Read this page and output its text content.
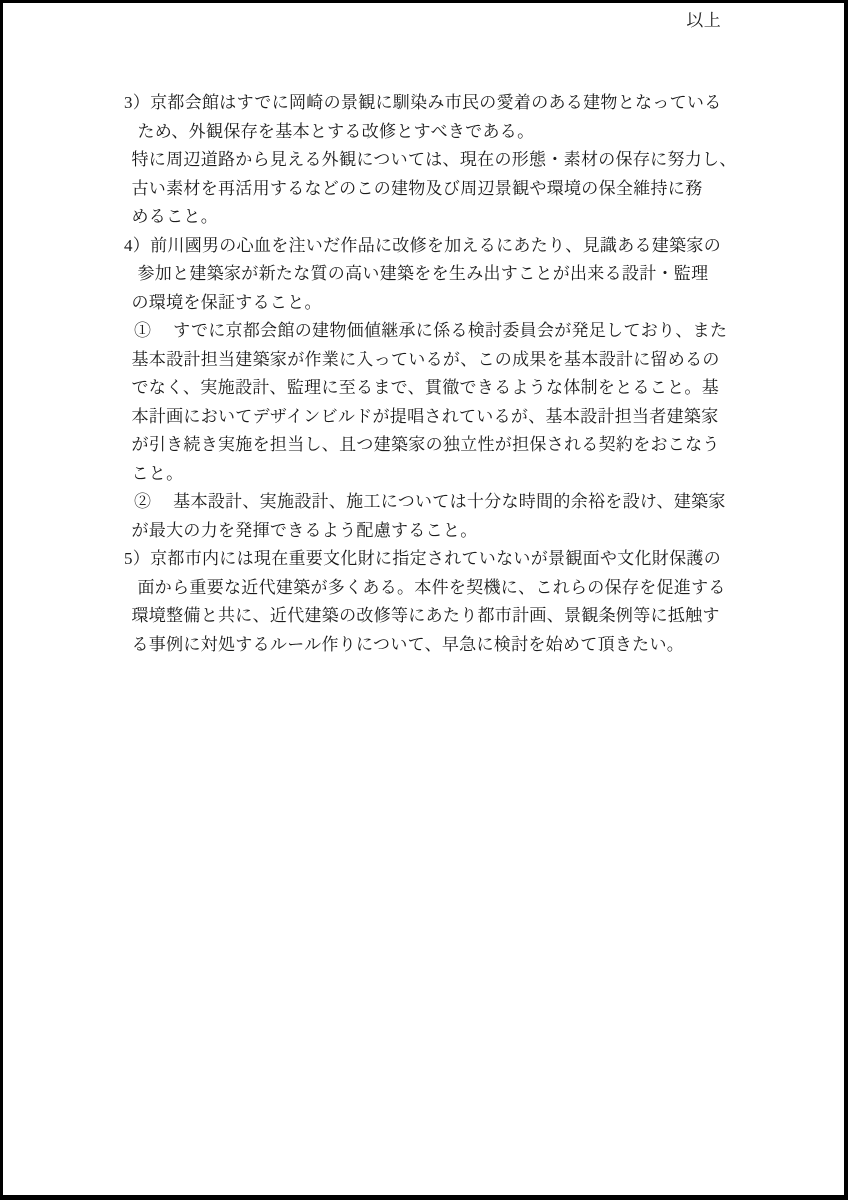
3）京都会館はすでに岡崎の景観に馴染み市民の愛着のある建物となっている
ため、外観保存を基本とする改修とすべきである。
特に周辺道路から見える外観については、現在の形態・素材の保存に努力し、
古い素材を再活用するなどのこの建物及び周辺景観や環境の保全維持に務
めること。
4）前川國男の心血を注いだ作品に改修を加えるにあたり、見識ある建築家の
参加と建築家が新たな質の高い建築をを生み出すことが出来る設計・監理
の環境を保証すること。
①　 すでに京都会館の建物価値継承に係る検討委員会が発足しており、また
基本設計担当建築家が作業に入っているが、この成果を基本設計に留めるの
でなく、実施設計、監理に至るまで、貫徹できるような体制をとること。基
本計画においてデザインビルドが提唱されているが、基本設計担当者建築家
が引き続き実施を担当し、且つ建築家の独立性が担保される契約をおこなう
こと。
②　 基本設計、実施設計、施工については十分な時間的余裕を設け、建築家
が最大の力を発揮できるよう配慮すること。
5）京都市内には現在重要文化財に指定されていないが景観面や文化財保護の
面から重要な近代建築が多くある。本件を契機に、これらの保存を促進する
環境整備と共に、近代建築の改修等にあたり都市計画、景観条例等に抵触す
る事例に対処するルール作りについて、早急に検討を始めて頂きたい。
以上
